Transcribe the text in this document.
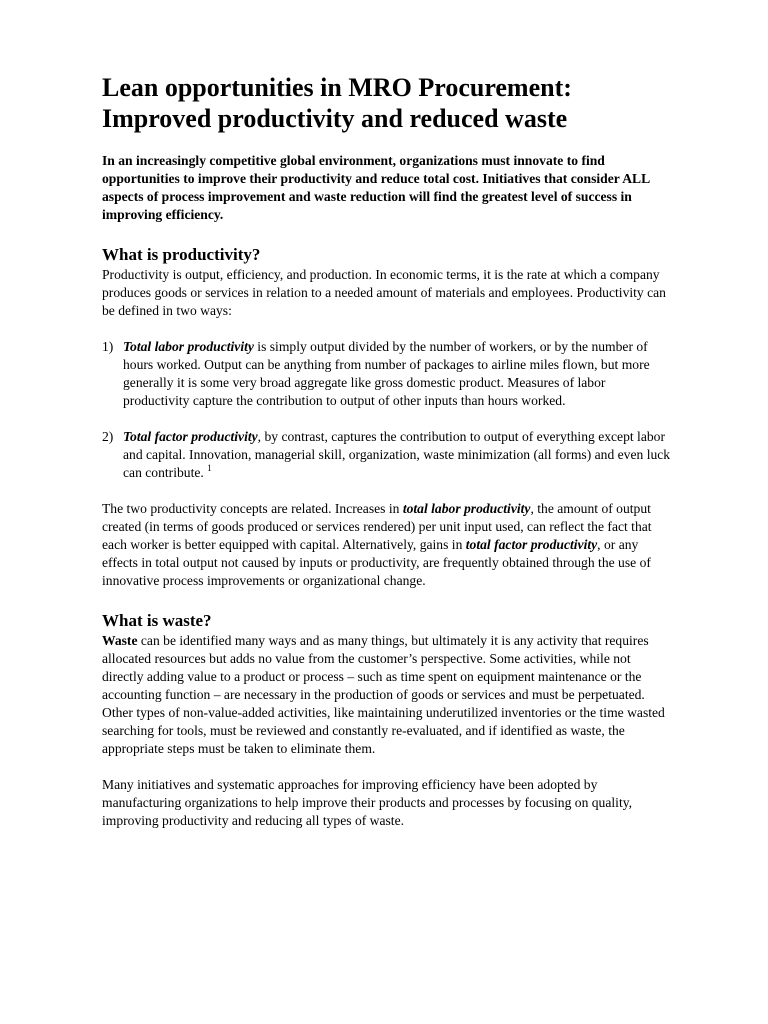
Lean opportunities in MRO Procurement:
Improved productivity and reduced waste

In an increasingly competitive global environment, organizations must innovate to find opportunities to improve their productivity and reduce total cost. Initiatives that consider ALL aspects of process improvement and waste reduction will find the greatest level of success in improving efficiency.

What is productivity?

Productivity is output, efficiency, and production. In economic terms, it is the rate at which a company produces goods or services in relation to a needed amount of materials and employees. Productivity can be defined in two ways:

1) Total labor productivity is simply output divided by the number of workers, or by the number of hours worked. Output can be anything from number of packages to airline miles flown, but more generally it is some very broad aggregate like gross domestic product. Measures of labor productivity capture the contribution to output of other inputs than hours worked.
2) Total factor productivity, by contrast, captures the contribution to output of everything except labor and capital. Innovation, managerial skill, organization, waste minimization (all forms) and even luck can contribute. $^1$

The two productivity concepts are related. Increases in total labor productivity, the amount of output created (in terms of goods produced or services rendered) per unit input used, can reflect the fact that each worker is better equipped with capital. Alternatively, gains in total factor productivity, or any effects in total output not caused by inputs or productivity, are frequently obtained through the use of innovative process improvements or organizational change.

What is waste?

Waste can be identified many ways and as many things, but ultimately it is any activity that requires allocated resources but adds no value from the customer’s perspective. Some activities, while not directly adding value to a product or process – such as time spent on equipment maintenance or the accounting function – are necessary in the production of goods or services and must be perpetuated. Other types of non-value-added activities, like maintaining underutilized inventories or the time wasted searching for tools, must be reviewed and constantly re-evaluated, and if identified as waste, the appropriate steps must be taken to eliminate them.

Many initiatives and systematic approaches for improving efficiency have been adopted by manufacturing organizations to help improve their products and processes by focusing on quality, improving productivity and reducing all types of waste.
